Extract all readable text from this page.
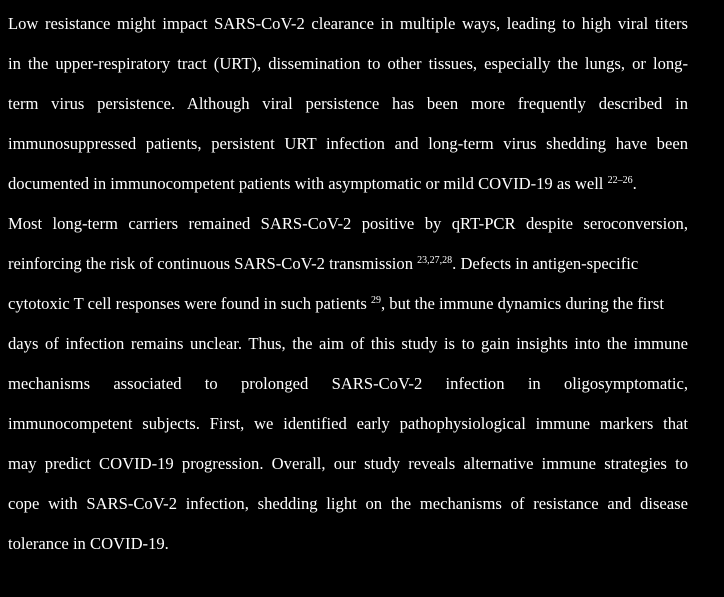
Low resistance might impact SARS-CoV-2 clearance in multiple ways, leading to high viral titers
in the upper-respiratory tract (URT), dissemination to other tissues, especially the lungs, or long-
term virus persistence. Although viral persistence has been more frequently described in
immunosuppressed patients, persistent URT infection and long-term virus shedding have been
documented in immunocompetent patients with asymptomatic or mild COVID-19 as well $^{22-26}$.
Most long-term carriers remained SARS-CoV-2 positive by qRT-PCR despite seroconversion,
reinforcing the risk of continuous SARS-CoV-2 transmission $^{23,27,28}$. Defects in antigen-specific
cytotoxic T cell responses were found in such patients $^{29}$, but the immune dynamics during the first
days of infection remains unclear. Thus, the aim of this study is to gain insights into the immune
mechanisms associated to prolonged SARS-CoV-2 infection in oligosymptomatic,
immunocompetent subjects. First, we identified early pathophysiological immune markers that
may predict COVID-19 progression. Overall, our study reveals alternative immune strategies to
cope with SARS-CoV-2 infection, shedding light on the mechanisms of resistance and disease
tolerance in COVID-19.
